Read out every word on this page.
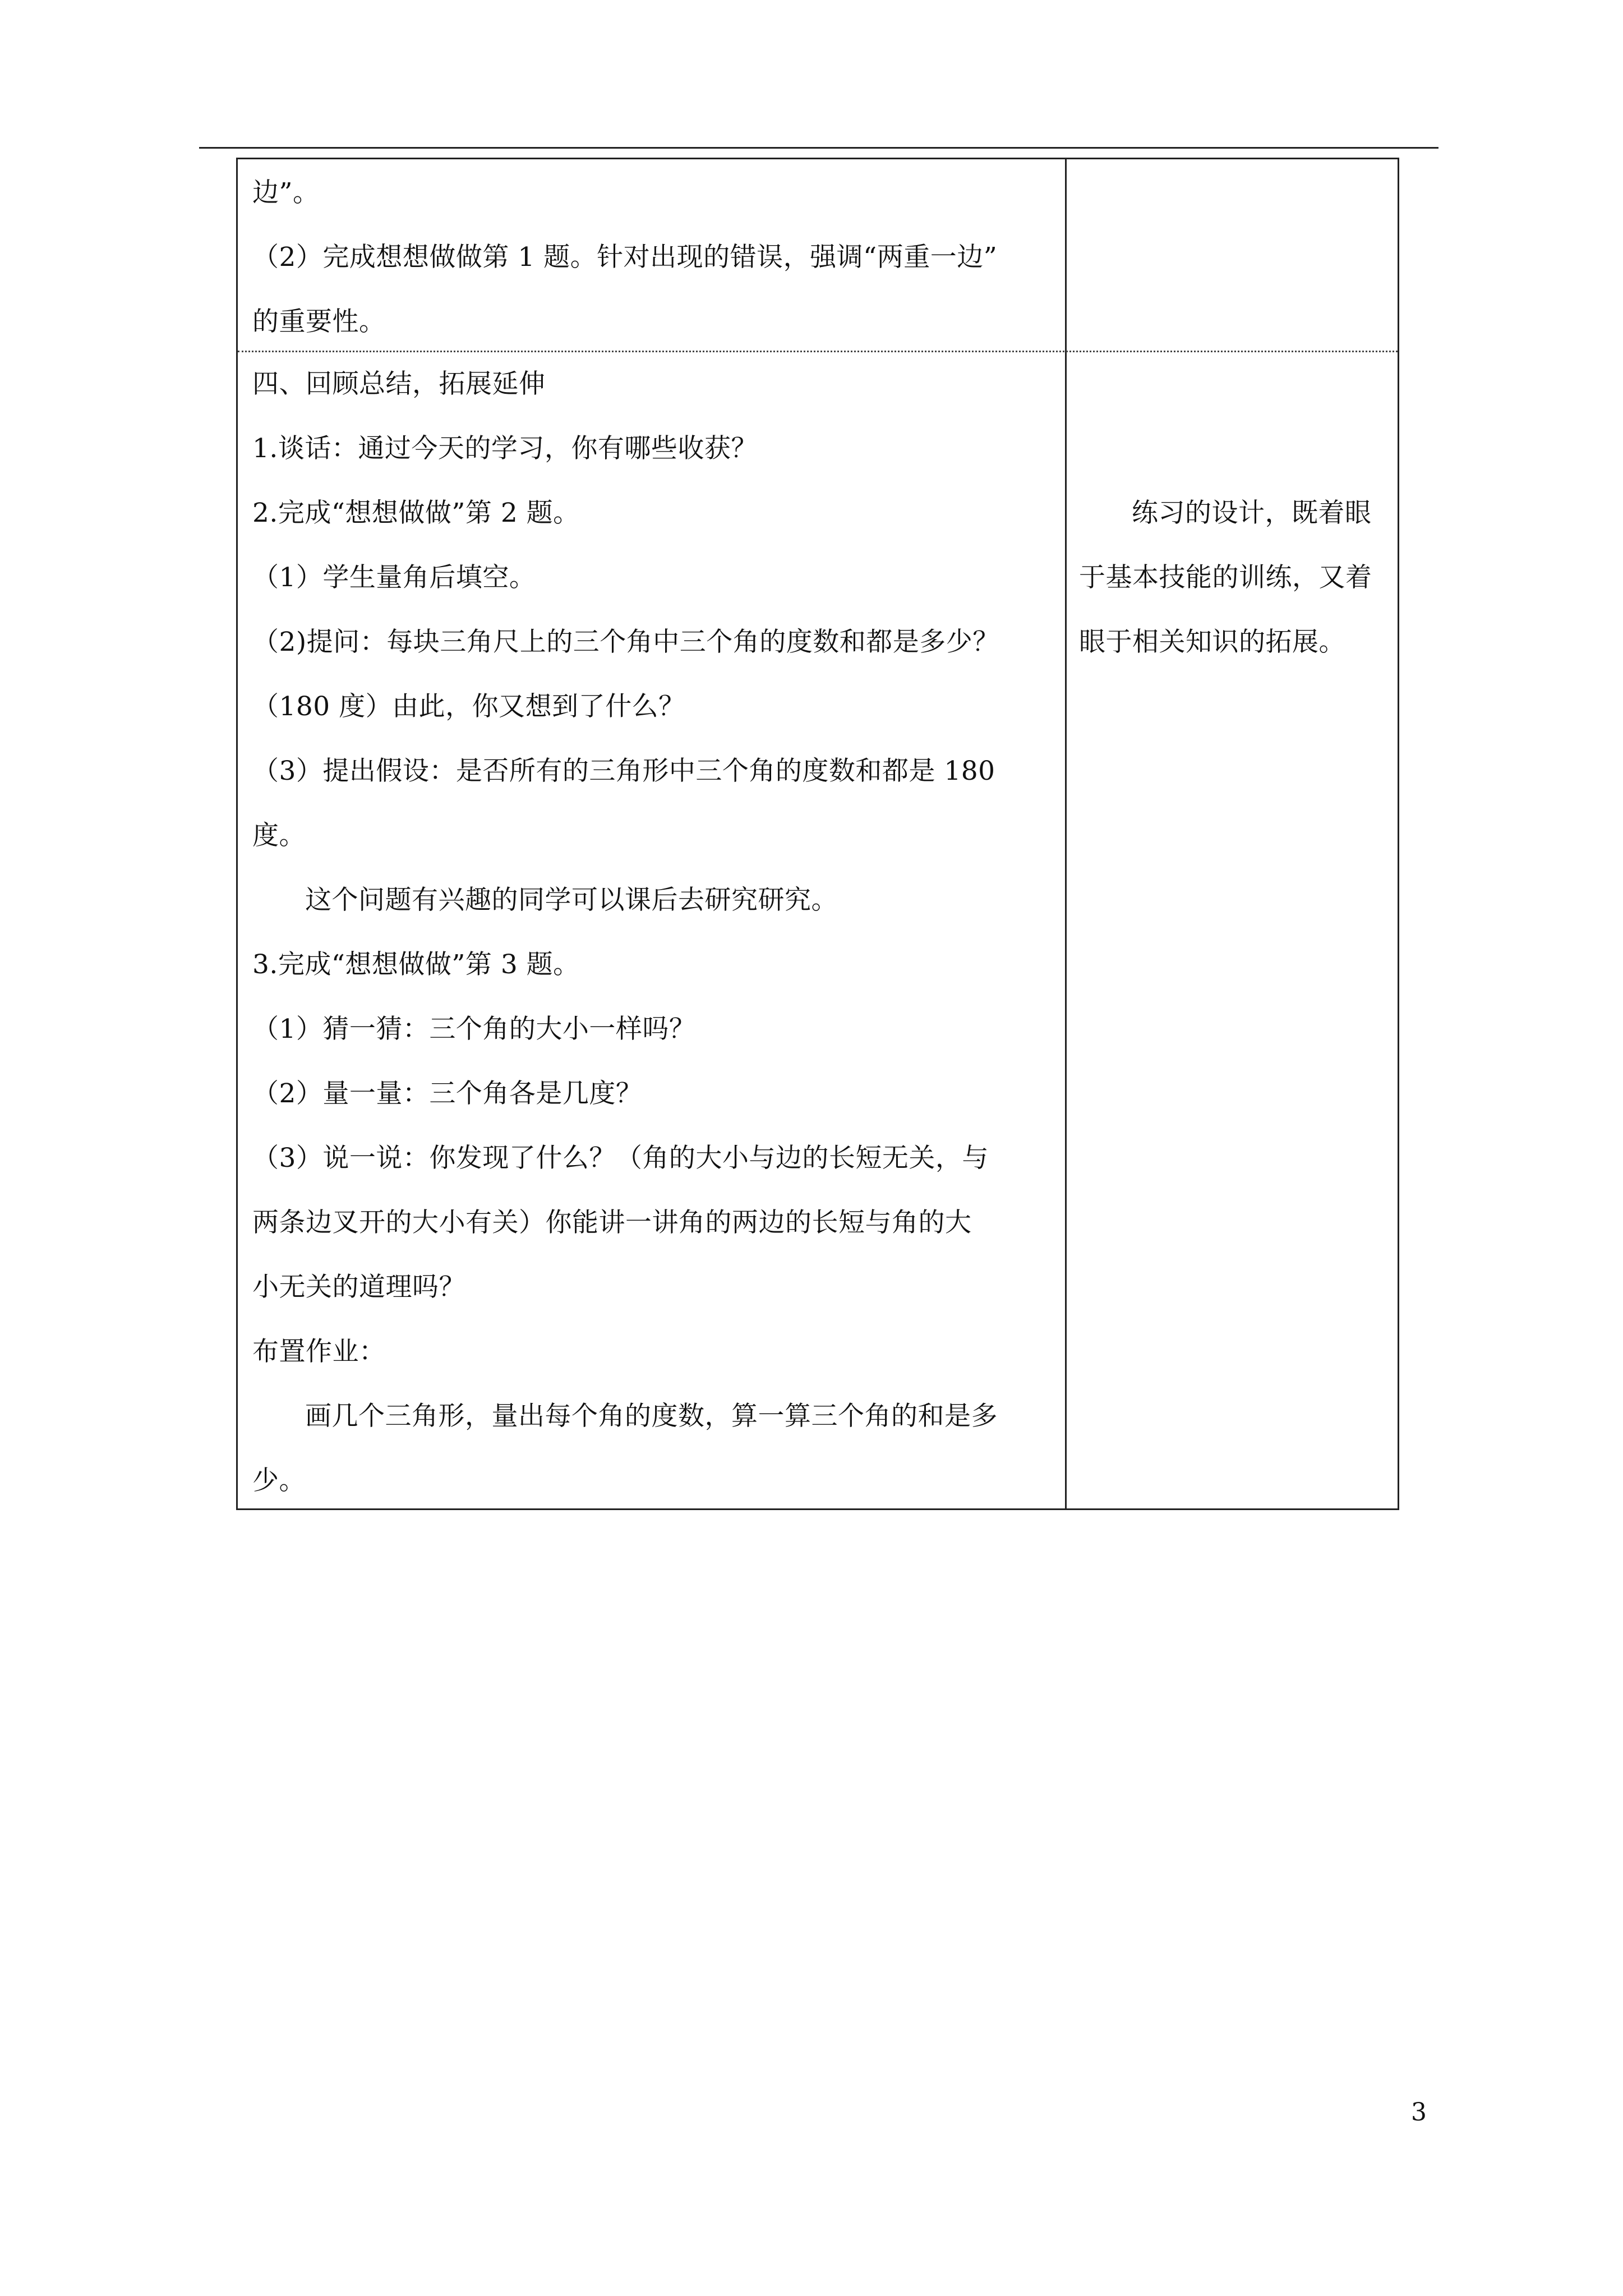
边”。

（2）完成想想做做第 1 题。针对出现的错误，强调“两重一边”

的重要性。

四、回顾总结，拓展延伸

1.谈话：通过今天的学习，你有哪些收获？

2.完成“想想做做”第 2 题。

（1）学生量角后填空。

（2)提问：每块三角尺上的三个角中三个角的度数和都是多少？

（180 度）由此，你又想到了什么？

（3）提出假设：是否所有的三角形中三个角的度数和都是 180

度。

这个问题有兴趣的同学可以课后去研究研究。

3.完成“想想做做”第 3 题。

（1）猜一猜：三个角的大小一样吗？

（2）量一量：三个角各是几度？

（3）说一说：你发现了什么？（角的大小与边的长短无关，与

两条边叉开的大小有关）你能讲一讲角的两边的长短与角的大

小无关的道理吗？

布置作业：

画几个三角形，量出每个角的度数，算一算三个角的和是多

少。

练习的设计，既着眼

于基本技能的训练，又着

眼于相关知识的拓展。

3
